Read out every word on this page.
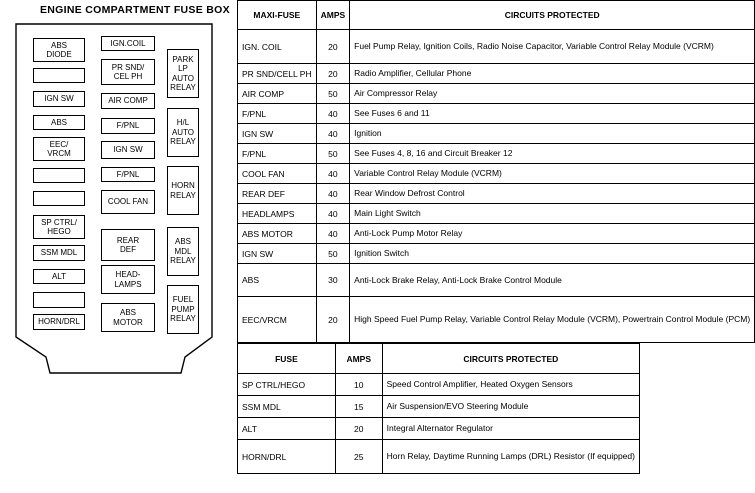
ENGINE COMPARTMENT FUSE BOX
ABS
DIODE
IGN SW
ABS
EEC/
VRCM
SP CTRL/
HEGO
SSM MDL
ALT
HORN/DRL
IGN.COIL
PR SND/
CEL PH
AIR COMP
F/PNL
IGN SW
F/PNL
COOL FAN
REAR
DEF
HEAD-
LAMPS
ABS
MOTOR
PARK
LP
AUTO
RELAY
H/L
AUTO
RELAY
HORN
RELAY
ABS
MDL
RELAY
FUEL
PUMP
RELAY
MAXI-FUSE	AMPS	CIRCUITS PROTECTED
IGN. COIL	20	Fuel Pump Relay, Ignition Coils, Radio Noise Capacitor, Variable Control Relay Module (VCRM)
PR SND/CELL PH	20	Radio Amplifier, Cellular Phone
AIR COMP	50	Air Compressor Relay
F/PNL	40	See Fuses 6 and 11
IGN SW	40	Ignition
F/PNL	50	See Fuses 4, 8, 16 and Circuit Breaker 12
COOL FAN	40	Variable Control Relay Module (VCRM)
REAR DEF	40	Rear Window Defrost Control
HEADLAMPS	40	Main Light Switch
ABS MOTOR	40	Anti-Lock Pump Motor Relay
IGN SW	50	Ignition Switch
ABS	30	Anti-Lock Brake Relay, Anti-Lock Brake Control Module
EEC/VRCM	20	High Speed Fuel Pump Relay, Variable Control Relay Module (VCRM), Powertrain Control Module (PCM)
FUSE	AMPS	CIRCUITS PROTECTED
SP CTRL/HEGO	10	Speed Control Amplifier, Heated Oxygen Sensors
SSM MDL	15	Air Suspension/EVO Steering Module
ALT	20	Integral Alternator Regulator
HORN/DRL	25	Horn Relay, Daytime Running Lamps (DRL) Resistor (If equipped)
